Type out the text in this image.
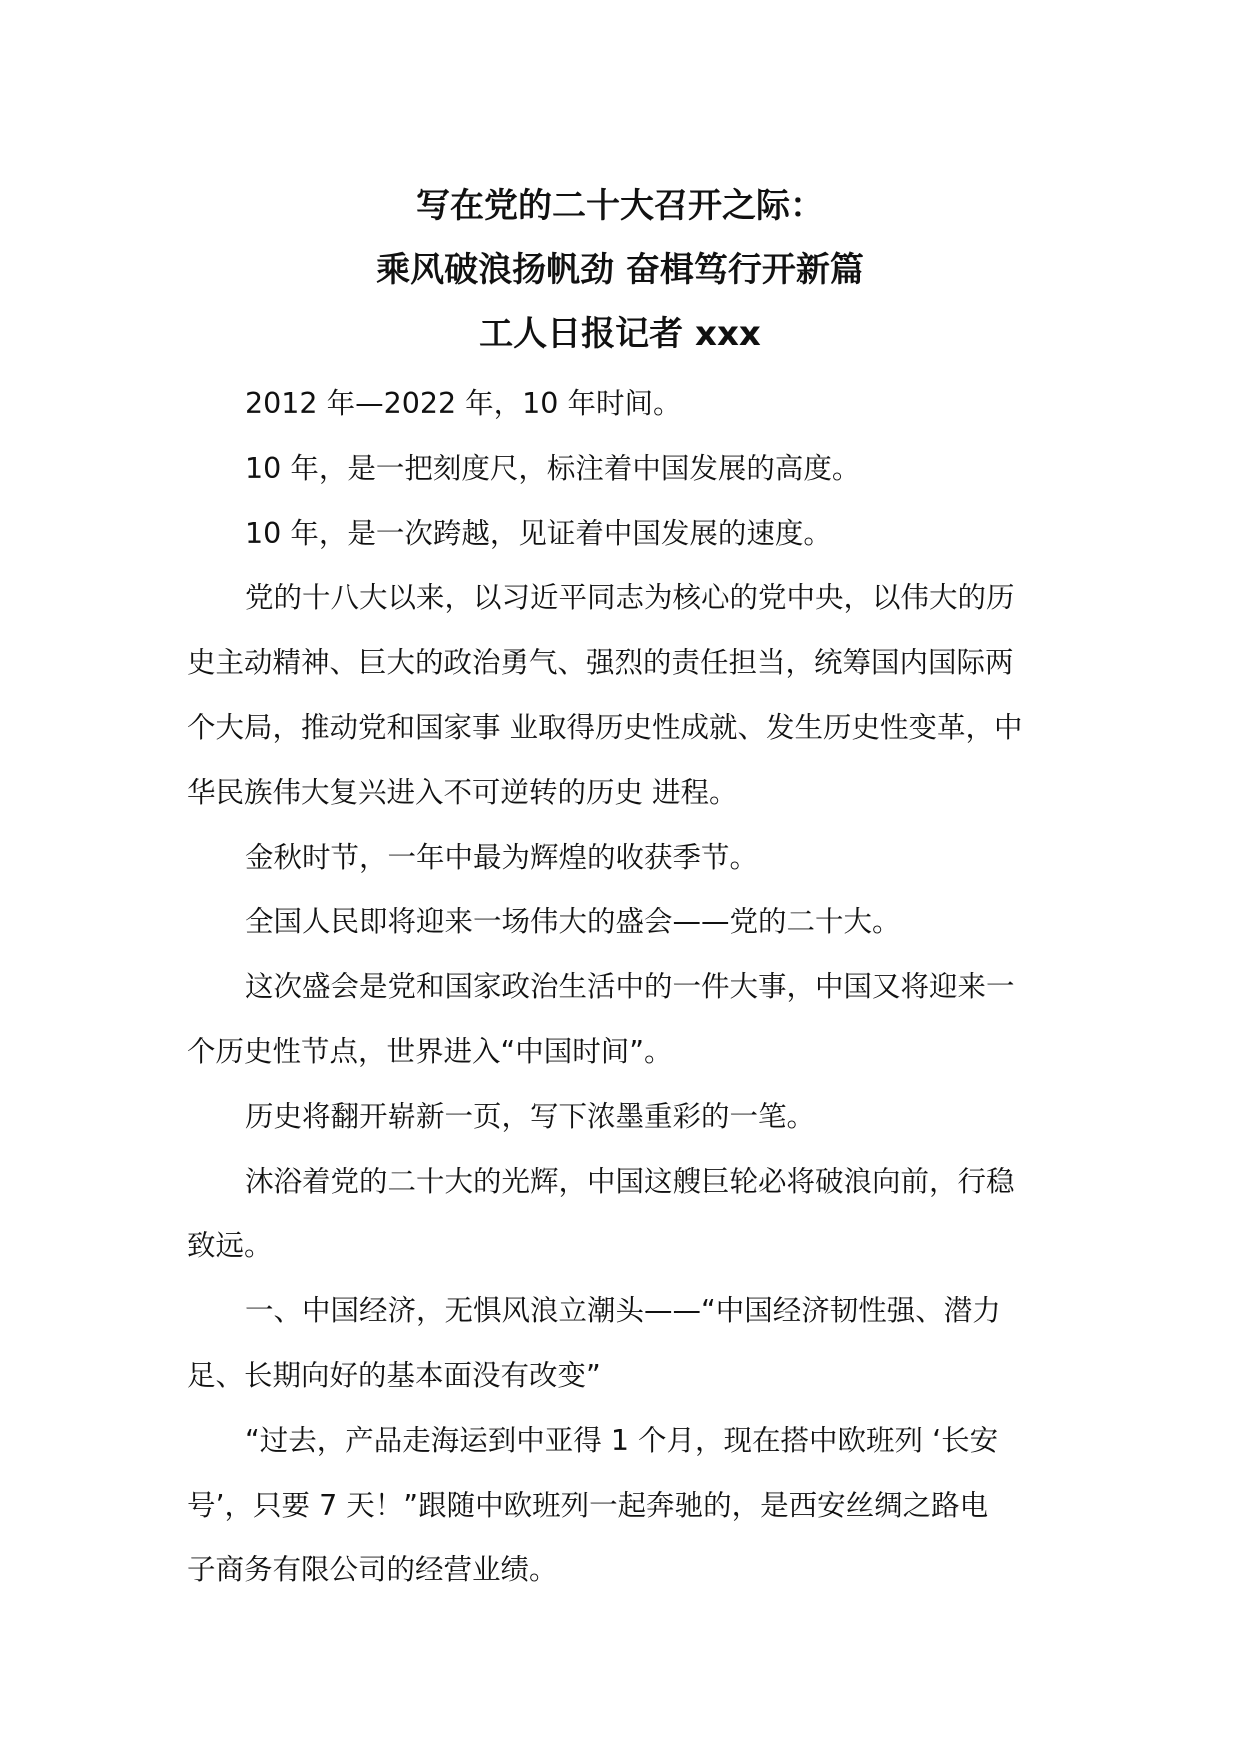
写在党的二十大召开之际：
乘风破浪扬帆劲 奋楫笃行开新篇
工人日报记者 xxx
2012 年—2022 年，10 年时间。
10 年，是一把刻度尺，标注着中国发展的高度。
10 年，是一次跨越，见证着中国发展的速度。
党的十八大以来，以习近平同志为核心的党中央，以伟大的历
史主动精神、巨大的政治勇气、强烈的责任担当，统筹国内国际两
个大局，推动党和国家事 业取得历史性成就、发生历史性变革，中
华民族伟大复兴进入不可逆转的历史 进程。
金秋时节，一年中最为辉煌的收获季节。
全国人民即将迎来一场伟大的盛会——党的二十大。
这次盛会是党和国家政治生活中的一件大事，中国又将迎来一
个历史性节点，世界进入“中国时间”。
历史将翻开崭新一页，写下浓墨重彩的一笔。
沐浴着党的二十大的光辉，中国这艘巨轮必将破浪向前，行稳
致远。
一、中国经济，无惧风浪立潮头——“中国经济韧性强、潜力
足、长期向好的基本面没有改变”
“过去，产品走海运到中亚得 1 个月，现在搭中欧班列 ‘长安
号’，只要 7 天！”跟随中欧班列一起奔驰的，是西安丝绸之路电
子商务有限公司的经营业绩。
